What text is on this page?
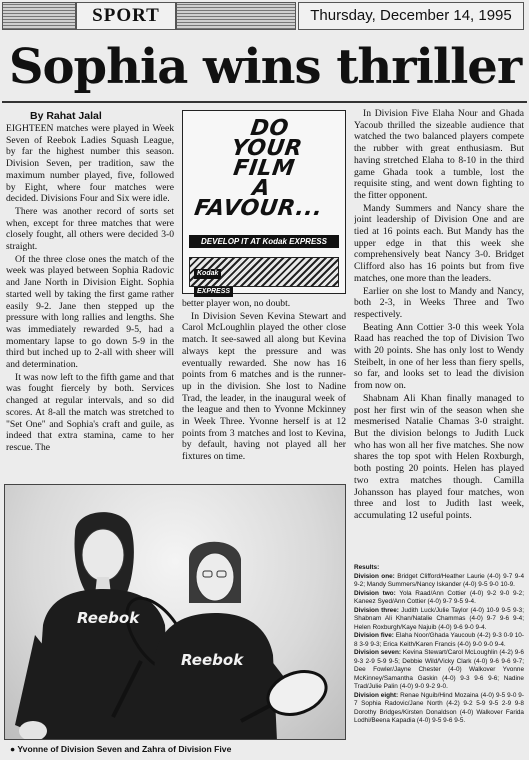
SPORT	Thursday, December 14, 1995
Sophia wins thriller
By Rahat Jalal

EIGHTEEN matches were played in Week Seven of Reebok Ladies Squash League, by far the highest number this season. Division Seven, per tradition, saw the maximum number played, five, followed by Eight, where four matches were decided. Divisions Four and Six were idle.

There was another record of sorts set when, except for three matches that were closely fought, all others were decided 3-0 straight.

Of the three close ones the match of the week was played between Sophia Radovic and Jane North in Division Eight. Sophia started well by taking the first game rather easily 9-2. Jane then stepped up the pressure with long rallies and lengths. She was immediately rewarded 9-5, had a momentary lapse to go down 5-9 in the third but inched up to 2-all with sheer will and determination.

It was now left to the fifth game and that was fought fiercely by both. Services changed at regular intervals, and so did scores. At 8-all the match was stretched to "Set One" and Sophia's craft and guile, as indeed that extra stamina, came to her rescue. The

DO
YOUR
FILM
A FAVOUR...
DEVELOP IT AT Kodak EXPRESS
Kodak
EXPRESS

better player won, no doubt.

In Division Seven Kevina Stewart and Carol McLoughlin played the other close match. It see-sawed all along but Kevina always kept the pressure and was eventually rewarded. She now has 16 points from 6 matches and is the runner-up in the division. She lost to Nadine Trad, the leader, in the inaugural week of the league and then to Yvonne Mckinney in Week Three. Yvonne herself is at 12 points from 3 matches and lost to Kevina, by default, having not played all her fixtures on time.

In Division Five Elaha Nour and Ghada Yacoub thrilled the sizeable audience that watched the two balanced players compete the rubber with great enthusiasm. But having stretched Elaha to 8-10 in the third game Ghada took a tumble, lost the requisite sting, and went down fighting to the fitter opponent.

Mandy Summers and Nancy share the joint leadership of Division One and are tied at 16 points each. But Mandy has the upper edge in that this week she comprehensively beat Nancy 3-0. Bridget Clifford also has 16 points but from five matches, one more than the leaders.

Earlier on she lost to Mandy and Nancy, both 2-3, in Weeks Three and Two respectively.

Beating Ann Cottier 3-0 this week Yola Raad has reached the top of Division Two with 20 points. She has only lost to Wendy Steibelt, in one of her less than fiery spells, so far, and looks set to lead the division from now on.

Shabnam Ali Khan finally managed to post her first win of the season when she mesmerised Natalie Chamas 3-0 straight. But the division belongs to Judith Luck who has won all her five matches. She now shares the top spot with Helen Roxburgh, both posting 20 points. Helen has played two extra matches though. Camilla Johansson has played four matches, won three and lost to Judith last week, accumulating 12 useful points.

Results:
Division one: Bridget Clifford/Heather Laurie (4-0) 9-7 9-4 9-2; Mandy Summers/Nancy Iskander (4-0) 9-5 9-0 10-9.
Division two: Yola Raad/Ann Cottier (4-0) 9-2 9-0 9-2; Kaneez Syed/Ann Cottier (4-0) 9-7 9-5 9-4.
Division three: Judith Luck/Julie Taylor (4-0) 10-9 9-5 9-3; Shabnam Ali Khan/Natalie Chammas (4-0) 9-7 9-6 9-4; Helen Roxburgh/Kaye Najuib (4-0) 9-6 9-0 9-4.
Division five: Elaha Noor/Ghada Yaucoub (4-2) 9-3 0-9 10-8 3-9 9-3; Erica Keith/Karen Francis (4-0) 9-0 9-0 9-4.
Division seven: Kevina Stewart/Carol McLoughlin (4-2) 9-6 9-3 2-9 5-9 9-5; Debbie Wild/Vicky Clark (4-0) 9-6 9-6 9-7; Dee Fowler/Jayne Chester (4-0) Walkover Yvonne McKinney/Samantha Gaskin (4-0) 9-3 9-6 9-6; Nadine Trad/Julie Palin (4-0) 9-0 9-2 9-0.
Division eight: Renae Nguib/Hind Mozaina (4-0) 9-5 9-0 9-7 Sophia Radovic/Jane North (4-2) 9-2 5-9 9-5 2-9 9-8 Dorothy Bridges/Kirsten Donaldson (4-0) Walkover Farida Lodhi/Beena Kapadia (4-0) 9-5 9-6 9-5.
Reebok
Reebok
● Yvonne of Division Seven and Zahra of Division Five
